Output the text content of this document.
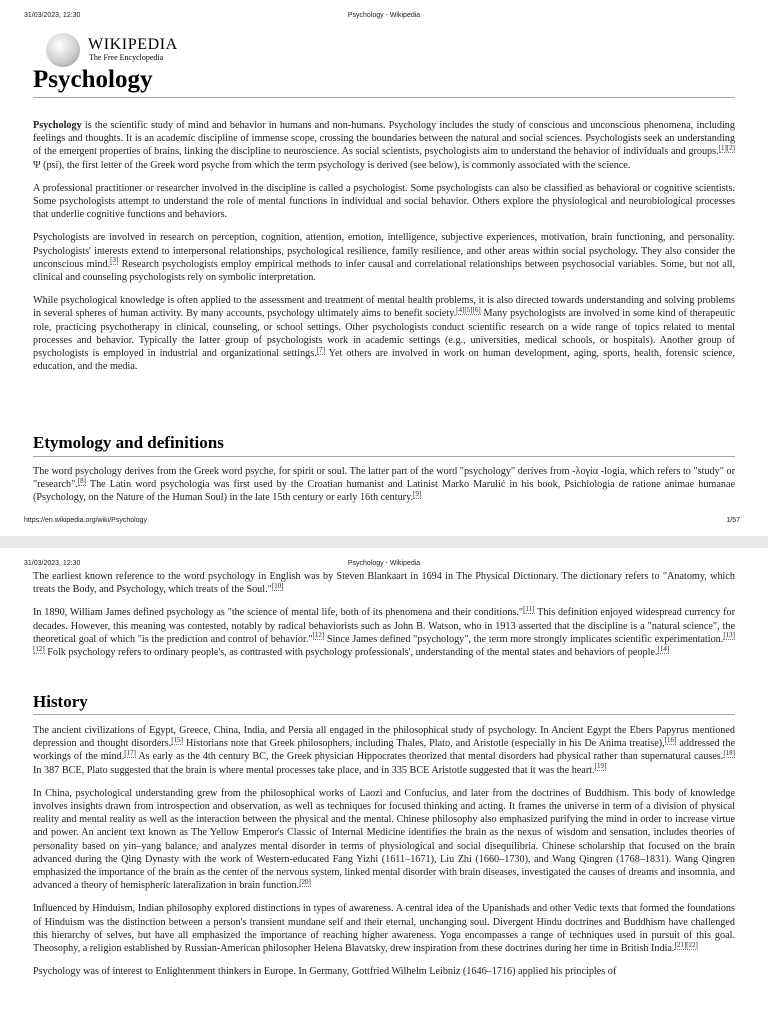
31/03/2023, 12:30	Psychology - Wikipedia
WIKIPEDIA
The Free Encyclopedia
Psychology

Psychology is the scientific study of mind and behavior in humans and non-humans. Psychology includes the study of conscious and unconscious phenomena, including feelings and thoughts. It is an academic discipline of immense scope, crossing the boundaries between the natural and social sciences. Psychologists seek an understanding of the emergent properties of brains, linking the discipline to neuroscience. As social scientists, psychologists aim to understand the behavior of individuals and groups.[1][2] Ψ (psi), the first letter of the Greek word psyche from which the term psychology is derived (see below), is commonly associated with the science.

A professional practitioner or researcher involved in the discipline is called a psychologist. Some psychologists can also be classified as behavioral or cognitive scientists. Some psychologists attempt to understand the role of mental functions in individual and social behavior. Others explore the physiological and neurobiological processes that underlie cognitive functions and behaviors.

Psychologists are involved in research on perception, cognition, attention, emotion, intelligence, subjective experiences, motivation, brain functioning, and personality. Psychologists' interests extend to interpersonal relationships, psychological resilience, family resilience, and other areas within social psychology. They also consider the unconscious mind.[3] Research psychologists employ empirical methods to infer causal and correlational relationships between psychosocial variables. Some, but not all, clinical and counseling psychologists rely on symbolic interpretation.

While psychological knowledge is often applied to the assessment and treatment of mental health problems, it is also directed towards understanding and solving problems in several spheres of human activity. By many accounts, psychology ultimately aims to benefit society.[4][5][6] Many psychologists are involved in some kind of therapeutic role, practicing psychotherapy in clinical, counseling, or school settings. Other psychologists conduct scientific research on a wide range of topics related to mental processes and behavior. Typically the latter group of psychologists work in academic settings (e.g., universities, medical schools, or hospitals). Another group of psychologists is employed in industrial and organizational settings.[7] Yet others are involved in work on human development, aging, sports, health, forensic science, education, and the media.

Etymology and definitions

The word psychology derives from the Greek word psyche, for spirit or soul. The latter part of the word "psychology" derives from -λογία -logia, which refers to "study" or "research".[8] The Latin word psychologia was first used by the Croatian humanist and Latinist Marko Marulić in his book, Psichiologia de ratione animae humanae (Psychology, on the Nature of the Human Soul) in the late 15th century or early 16th century.[9]

https://en.wikipedia.org/wiki/Psychology	1/57
31/03/2023, 12:30	Psychology - Wikipedia

The earliest known reference to the word psychology in English was by Steven Blankaart in 1694 in The Physical Dictionary. The dictionary refers to "Anatomy, which treats the Body, and Psychology, which treats of the Soul."[10]

In 1890, William James defined psychology as "the science of mental life, both of its phenomena and their conditions."[11] This definition enjoyed widespread currency for decades. However, this meaning was contested, notably by radical behaviorists such as John B. Watson, who in 1913 asserted that the discipline is a "natural science", the theoretical goal of which "is the prediction and control of behavior."[12] Since James defined "psychology", the term more strongly implicates scientific experimentation.[13][12] Folk psychology refers to ordinary people's, as contrasted with psychology professionals', understanding of the mental states and behaviors of people.[14]

History

The ancient civilizations of Egypt, Greece, China, India, and Persia all engaged in the philosophical study of psychology. In Ancient Egypt the Ebers Papyrus mentioned depression and thought disorders.[15] Historians note that Greek philosophers, including Thales, Plato, and Aristotle (especially in his De Anima treatise),[16] addressed the workings of the mind.[17] As early as the 4th century BC, the Greek physician Hippocrates theorized that mental disorders had physical rather than supernatural causes.[18] In 387 BCE, Plato suggested that the brain is where mental processes take place, and in 335 BCE Aristotle suggested that it was the heart.[19]

In China, psychological understanding grew from the philosophical works of Laozi and Confucius, and later from the doctrines of Buddhism. This body of knowledge involves insights drawn from introspection and observation, as well as techniques for focused thinking and acting. It frames the universe in term of a division of physical reality and mental reality as well as the interaction between the physical and the mental. Chinese philosophy also emphasized purifying the mind in order to increase virtue and power. An ancient text known as The Yellow Emperor's Classic of Internal Medicine identifies the brain as the nexus of wisdom and sensation, includes theories of personality based on yin–yang balance, and analyzes mental disorder in terms of physiological and social disequilibria. Chinese scholarship that focused on the brain advanced during the Qing Dynasty with the work of Western-educated Fang Yizhi (1611–1671), Liu Zhi (1660–1730), and Wang Qingren (1768–1831). Wang Qingren emphasized the importance of the brain as the center of the nervous system, linked mental disorder with brain diseases, investigated the causes of dreams and insomnia, and advanced a theory of hemispheric lateralization in brain function.[20]

Influenced by Hinduism, Indian philosophy explored distinctions in types of awareness. A central idea of the Upanishads and other Vedic texts that formed the foundations of Hinduism was the distinction between a person's transient mundane self and their eternal, unchanging soul. Divergent Hindu doctrines and Buddhism have challenged this hierarchy of selves, but have all emphasized the importance of reaching higher awareness. Yoga encompasses a range of techniques used in pursuit of this goal. Theosophy, a religion established by Russian-American philosopher Helena Blavatsky, drew inspiration from these doctrines during her time in British India.[21][22]

Psychology was of interest to Enlightenment thinkers in Europe. In Germany, Gottfried Wilhelm Leibniz (1646–1716) applied his principles of
